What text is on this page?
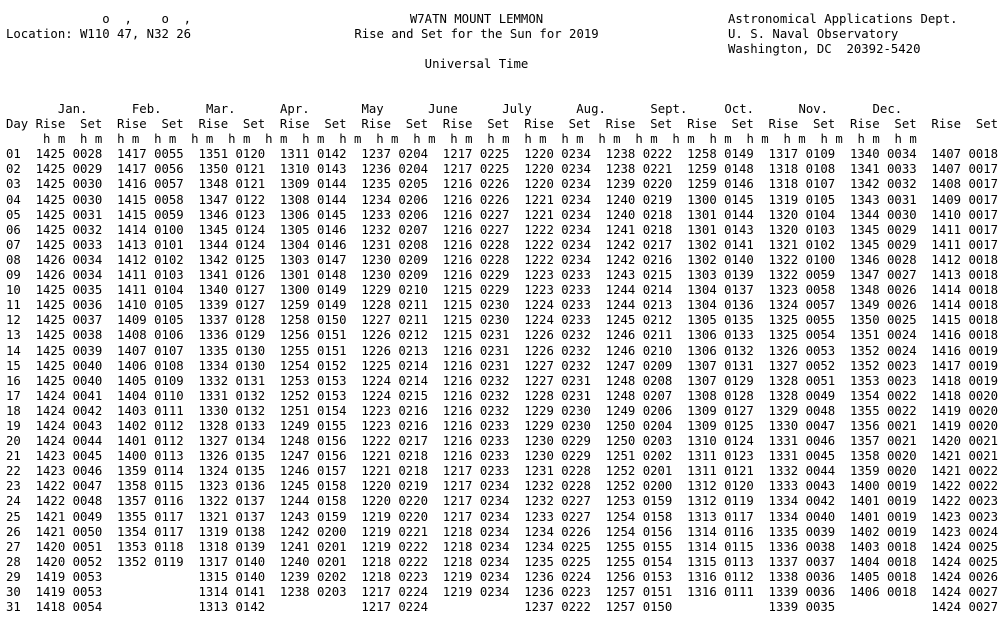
o  ,    o  ,
Location: W110 47, N32 26
W7ATN MOUNT LEMMON
Rise and Set for the Sun for 2019
Astronomical Applications Dept.
U. S. Naval Observatory
Washington, DC  20392-5420
Universal Time
Jan.	Feb.	Mar.	Apr.	May	June	July	Aug.	Sept.	Oct.	Nov.	Dec.
Day Rise  Set  Rise  Set  Rise  Set  Rise  Set  Rise  Set  Rise  Set  Rise  Set  Rise  Set  Rise  Set  Rise  Set  Rise  Set  Rise  Set
h m  h m  h m  h m  h m  h m  h m  h m  h m  h m  h m  h m  h m  h m  h m  h m  h m  h m  h m  h m  h m  h m  h m  h m
01  1425 0028  1417 0055  1351 0120  1311 0142  1237 0204  1217 0225  1220 0234  1238 0222  1258 0149  1317 0109  1340 0034  1407 0018
02  1425 0029  1417 0056  1350 0121  1310 0143  1236 0204  1217 0225  1220 0234  1238 0221  1259 0148  1318 0108  1341 0033  1407 0017
03  1425 0030  1416 0057  1348 0121  1309 0144  1235 0205  1216 0226  1220 0234  1239 0220  1259 0146  1318 0107  1342 0032  1408 0017
04  1425 0030  1415 0058  1347 0122  1308 0144  1234 0206  1216 0226  1221 0234  1240 0219  1300 0145  1319 0105  1343 0031  1409 0017
05  1425 0031  1415 0059  1346 0123  1306 0145  1233 0206  1216 0227  1221 0234  1240 0218  1301 0144  1320 0104  1344 0030  1410 0017
06  1425 0032  1414 0100  1345 0124  1305 0146  1232 0207  1216 0227  1222 0234  1241 0218  1301 0143  1320 0103  1345 0029  1411 0017
07  1425 0033  1413 0101  1344 0124  1304 0146  1231 0208  1216 0228  1222 0234  1242 0217  1302 0141  1321 0102  1345 0029  1411 0017
08  1426 0034  1412 0102  1342 0125  1303 0147  1230 0209  1216 0228  1222 0234  1242 0216  1302 0140  1322 0100  1346 0028  1412 0018
09  1426 0034  1411 0103  1341 0126  1301 0148  1230 0209  1216 0229  1223 0233  1243 0215  1303 0139  1322 0059  1347 0027  1413 0018
10  1425 0035  1411 0104  1340 0127  1300 0149  1229 0210  1215 0229  1223 0233  1244 0214  1304 0137  1323 0058  1348 0026  1414 0018
11  1425 0036  1410 0105  1339 0127  1259 0149  1228 0211  1215 0230  1224 0233  1244 0213  1304 0136  1324 0057  1349 0026  1414 0018
12  1425 0037  1409 0105  1337 0128  1258 0150  1227 0211  1215 0230  1224 0233  1245 0212  1305 0135  1325 0055  1350 0025  1415 0018
13  1425 0038  1408 0106  1336 0129  1256 0151  1226 0212  1215 0231  1226 0232  1246 0211  1306 0133  1325 0054  1351 0024  1416 0018
14  1425 0039  1407 0107  1335 0130  1255 0151  1226 0213  1216 0231  1226 0232  1246 0210  1306 0132  1326 0053  1352 0024  1416 0019
15  1425 0040  1406 0108  1334 0130  1254 0152  1225 0214  1216 0231  1227 0232  1247 0209  1307 0131  1327 0052  1352 0023  1417 0019
16  1425 0040  1405 0109  1332 0131  1253 0153  1224 0214  1216 0232  1227 0231  1248 0208  1307 0129  1328 0051  1353 0023  1418 0019
17  1424 0041  1404 0110  1331 0132  1252 0153  1224 0215  1216 0232  1228 0231  1248 0207  1308 0128  1328 0049  1354 0022  1418 0020
18  1424 0042  1403 0111  1330 0132  1251 0154  1223 0216  1216 0232  1229 0230  1249 0206  1309 0127  1329 0048  1355 0022  1419 0020
19  1424 0043  1402 0112  1328 0133  1249 0155  1223 0216  1216 0233  1229 0230  1250 0204  1309 0125  1330 0047  1356 0021  1419 0020
20  1424 0044  1401 0112  1327 0134  1248 0156  1222 0217  1216 0233  1230 0229  1250 0203  1310 0124  1331 0046  1357 0021  1420 0021
21  1423 0045  1400 0113  1326 0135  1247 0156  1221 0218  1216 0233  1230 0229  1251 0202  1311 0123  1331 0045  1358 0020  1421 0021
22  1423 0046  1359 0114  1324 0135  1246 0157  1221 0218  1217 0233  1231 0228  1252 0201  1311 0121  1332 0044  1359 0020  1421 0022
23  1422 0047  1358 0115  1323 0136  1245 0158  1220 0219  1217 0234  1232 0228  1252 0200  1312 0120  1333 0043  1400 0019  1422 0022
24  1422 0048  1357 0116  1322 0137  1244 0158  1220 0220  1217 0234  1232 0227  1253 0159  1312 0119  1334 0042  1401 0019  1422 0023
25  1421 0049  1355 0117  1321 0137  1243 0159  1219 0220  1217 0234  1233 0227  1254 0158  1313 0117  1334 0040  1401 0019  1423 0023
26  1421 0050  1354 0117  1319 0138  1242 0200  1219 0221  1218 0234  1234 0226  1254 0156  1314 0116  1335 0039  1402 0019  1423 0024
27  1420 0051  1353 0118  1318 0139  1241 0201  1219 0222  1218 0234  1234 0225  1255 0155  1314 0115  1336 0038  1403 0018  1424 0025
28  1420 0052  1352 0119  1317 0140  1240 0201  1218 0222  1218 0234  1235 0225  1255 0154  1315 0113  1337 0037  1404 0018  1424 0025
29  1419 0053	1315 0140  1239 0202  1218 0223  1219 0234  1236 0224  1256 0153  1316 0112  1338 0036  1405 0018  1424 0026
30  1419 0053	1314 0141  1238 0203  1217 0224  1219 0234  1236 0223  1257 0151  1316 0111  1339 0036  1406 0018  1424 0027
31  1418 0054	1313 0142	1217 0224	1237 0222  1257 0150	1339 0035	1424 0027
